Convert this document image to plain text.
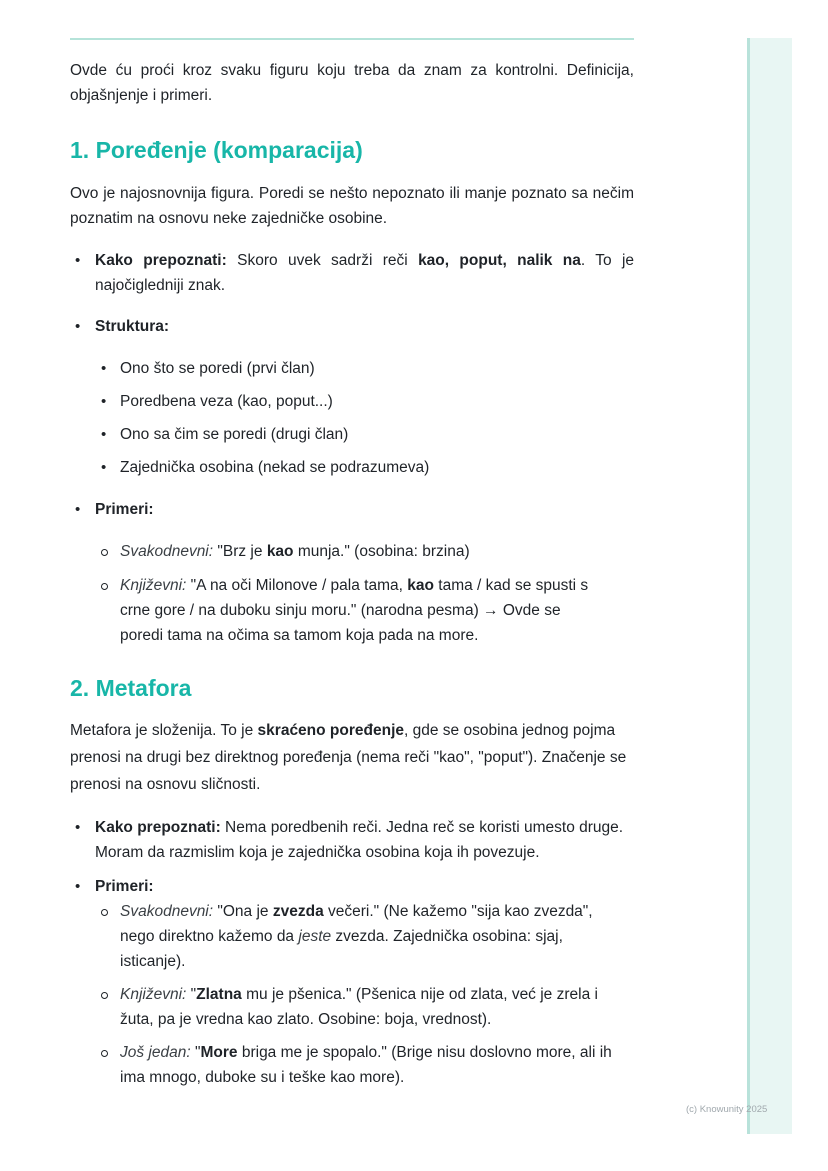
Ovde ću proći kroz svaku figuru koju treba da znam za kontrolni. Definicija, objašnjenje i primeri.

1. Poređenje (komparacija)

Ovo je najosnovnija figura. Poredi se nešto nepoznato ili manje poznato sa nečim poznatim na osnovu neke zajedničke osobine.

• Kako prepoznati: Skoro uvek sadrži reči kao, poput, nalik na. To je najočigledniji znak.
• Struktura:
• Ono što se poredi (prvi član)
• Poredbena veza (kao, poput...)
• Ono sa čim se poredi (drugi član)
• Zajednička osobina (nekad se podrazumeva)
• Primeri:
Svakodnevni: "Brz je kao munja." (osobina: brzina)
Književni: "A na oči Milonove / pala tama, kao tama / kad se spusti s crne gore / na duboku sinju moru." (narodna pesma) → Ovde se poredi tama na očima sa tamom koja pada na more.
2. Metafora

Metafora je složenija. To je skraćeno poređenje, gde se osobina jednog pojma prenosi na drugi bez direktnog poređenja (nema reči "kao", "poput"). Značenje se prenosi na osnovu sličnosti.

• Kako prepoznati: Nema poredbenih reči. Jedna reč se koristi umesto druge. Moram da razmislim koja je zajednička osobina koja ih povezuje.
• Primeri:
Svakodnevni: "Ona je zvezda večeri." (Ne kažemo "sija kao zvezda", nego direktno kažemo da jeste zvezda. Zajednička osobina: sjaj, isticanje).
Književni: "Zlatna mu je pšenica." (Pšenica nije od zlata, već je zrela i žuta, pa je vredna kao zlato. Osobine: boja, vrednost).
Još jedan: "More briga me je spopalo." (Brige nisu doslovno more, ali ih ima mnogo, duboke su i teške kao more).
(c) Knowunity 2025
